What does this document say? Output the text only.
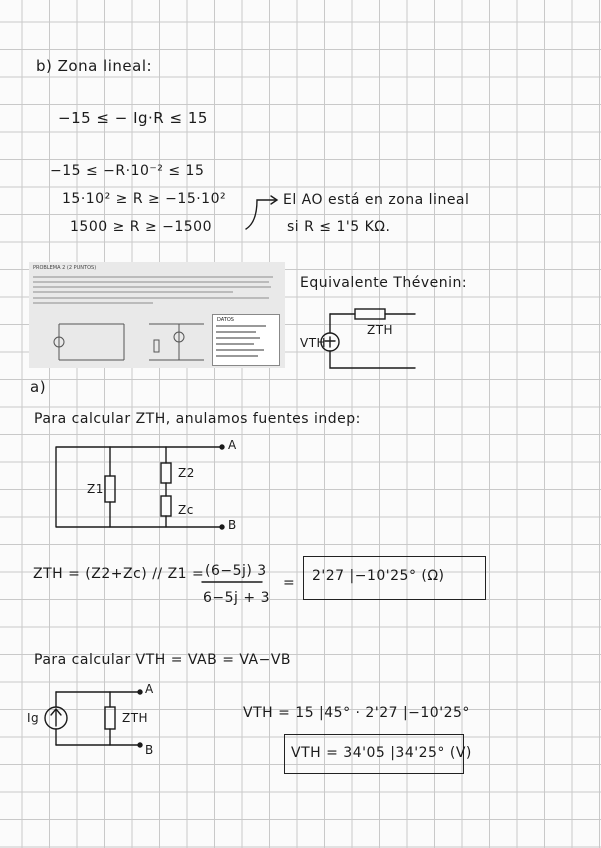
b) Zona lineal:
−15 ≤ − Ig·R ≤ 15
−15 ≤ −R·10⁻² ≤ 15
15·10² ≥ R ≥ −15·10²
1500 ≥ R ≥ −1500
El AO está en zona lineal
si R ≤ 1'5 KΩ.
PROBLEMA 2 (2 PUNTOS)
DATOS
Equivalente Thévenin:
ZTH
VTH
a)
Para calcular ZTH, anulamos fuentes indep:
Z1
Z2
Zc
A
B
ZTH = (Z2+Zc) // Z1 = (6−5j) 3
6−5j + 3
= 2'27 |−10'25° (Ω)
Para calcular VTH = VAB = VA−VB
Ig	ZTH
A
B
VTH = 15 |45° · 2'27 |−10'25°
VTH = 34'05 |34'25° (V)
